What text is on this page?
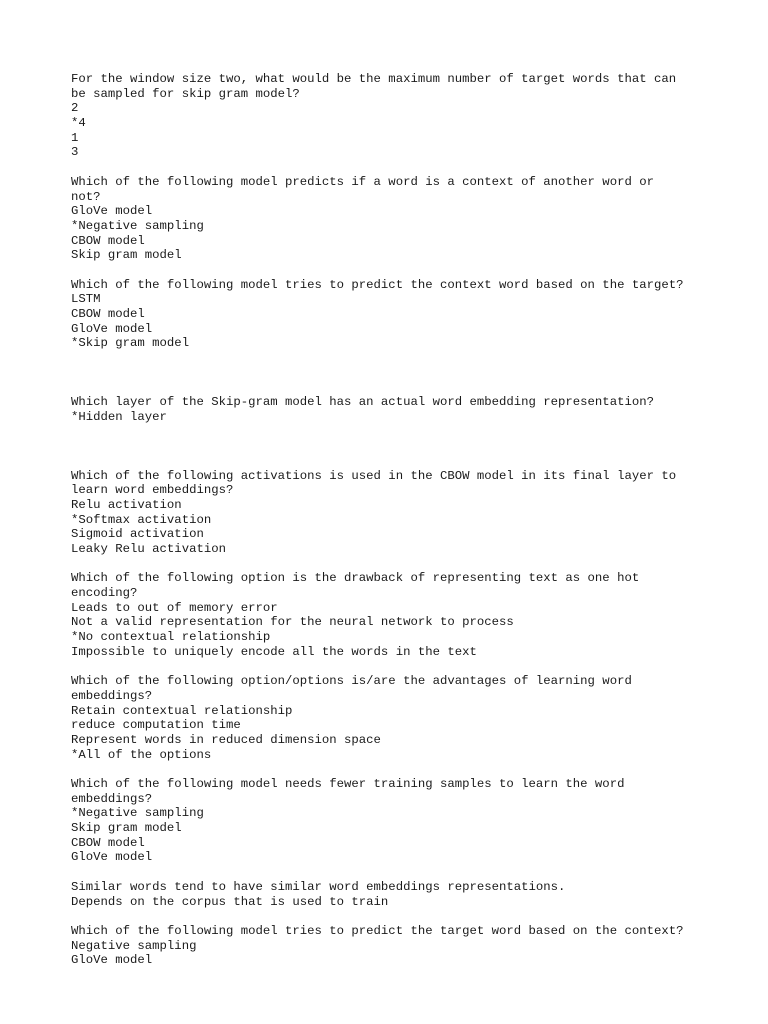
For the window size two, what would be the maximum number of target words that can
be sampled for skip gram model?
2
*4
1
3
Which of the following model predicts if a word is a context of another word or
not?
GloVe model
*Negative sampling
CBOW model
Skip gram model
Which of the following model tries to predict the context word based on the target?
LSTM
CBOW model
GloVe model
*Skip gram model
Which layer of the Skip-gram model has an actual word embedding representation?
*Hidden layer
Which of the following activations is used in the CBOW model in its final layer to
learn word embeddings?
Relu activation
*Softmax activation
Sigmoid activation
Leaky Relu activation
Which of the following option is the drawback of representing text as one hot
encoding?
Leads to out of memory error
Not a valid representation for the neural network to process
*No contextual relationship
Impossible to uniquely encode all the words in the text
Which of the following option/options is/are the advantages of learning word
embeddings?
Retain contextual relationship
reduce computation time
Represent words in reduced dimension space
*All of the options
Which of the following model needs fewer training samples to learn the word
embeddings?
*Negative sampling
Skip gram model
CBOW model
GloVe model
Similar words tend to have similar word embeddings representations.
Depends on the corpus that is used to train
Which of the following model tries to predict the target word based on the context?
Negative sampling
GloVe model
